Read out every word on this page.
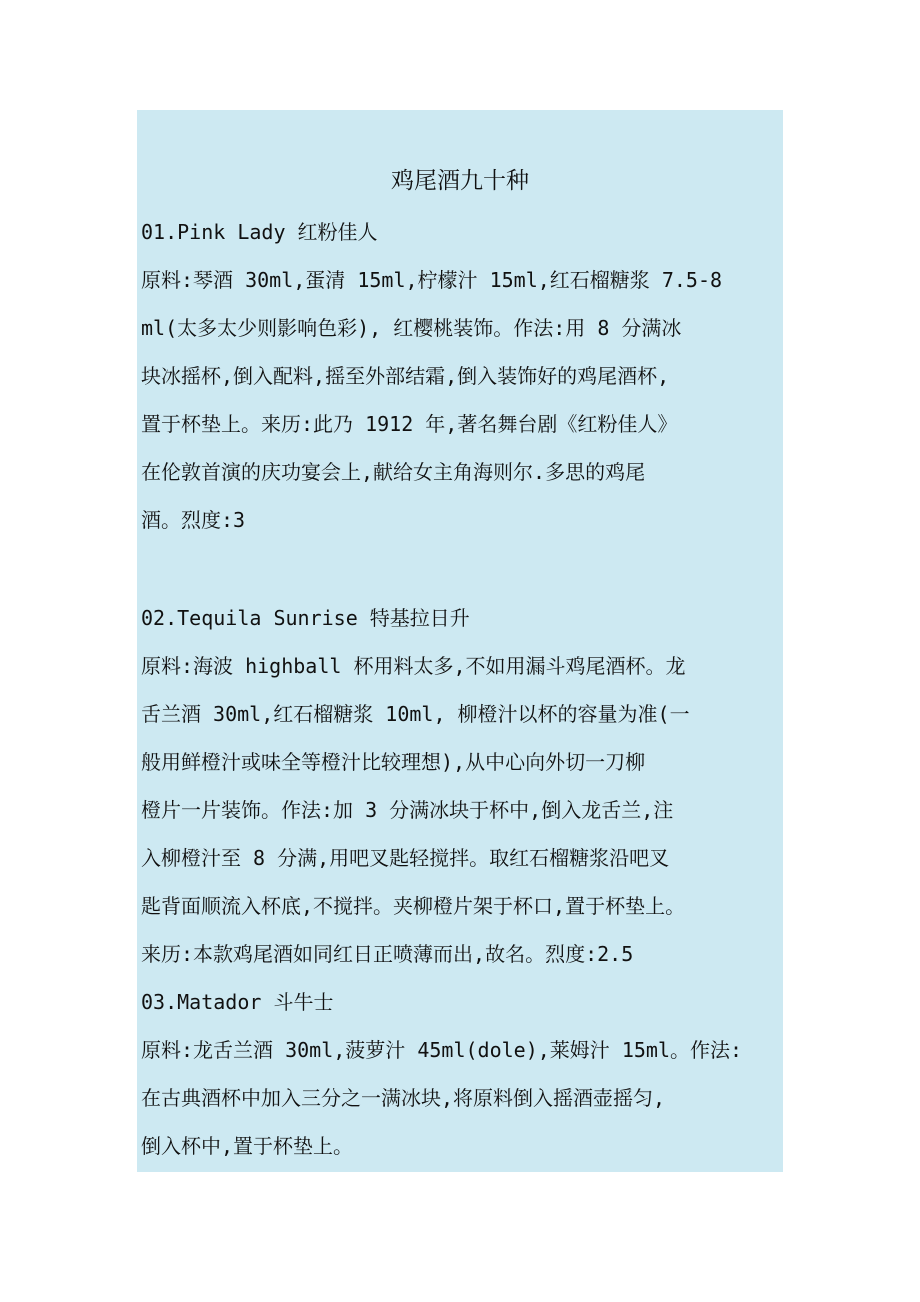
鸡尾酒九十种
01.Pink Lady 红粉佳人
原料:琴酒 30ml,蛋清 15ml,柠檬汁 15ml,红石榴糖浆 7.5-8
ml(太多太少则影响色彩), 红樱桃装饰。作法:用 8 分满冰
块冰摇杯,倒入配料,摇至外部结霜,倒入装饰好的鸡尾酒杯,
置于杯垫上。来历:此乃 1912 年,著名舞台剧《红粉佳人》
在伦敦首演的庆功宴会上,献给女主角海则尔.多思的鸡尾
酒。烈度:3
02.Tequila Sunrise 特基拉日升
原料:海波 highball 杯用料太多,不如用漏斗鸡尾酒杯。龙
舌兰酒 30ml,红石榴糖浆 10ml, 柳橙汁以杯的容量为准(一
般用鲜橙汁或味全等橙汁比较理想),从中心向外切一刀柳
橙片一片装饰。作法:加 3 分满冰块于杯中,倒入龙舌兰,注
入柳橙汁至 8 分满,用吧叉匙轻搅拌。取红石榴糖浆沿吧叉
匙背面顺流入杯底,不搅拌。夹柳橙片架于杯口,置于杯垫上。
来历:本款鸡尾酒如同红日正喷薄而出,故名。烈度:2.5
03.Matador 斗牛士
原料:龙舌兰酒 30ml,菠萝汁 45ml(dole),莱姆汁 15ml。作法:
在古典酒杯中加入三分之一满冰块,将原料倒入摇酒壶摇匀,
倒入杯中,置于杯垫上。
